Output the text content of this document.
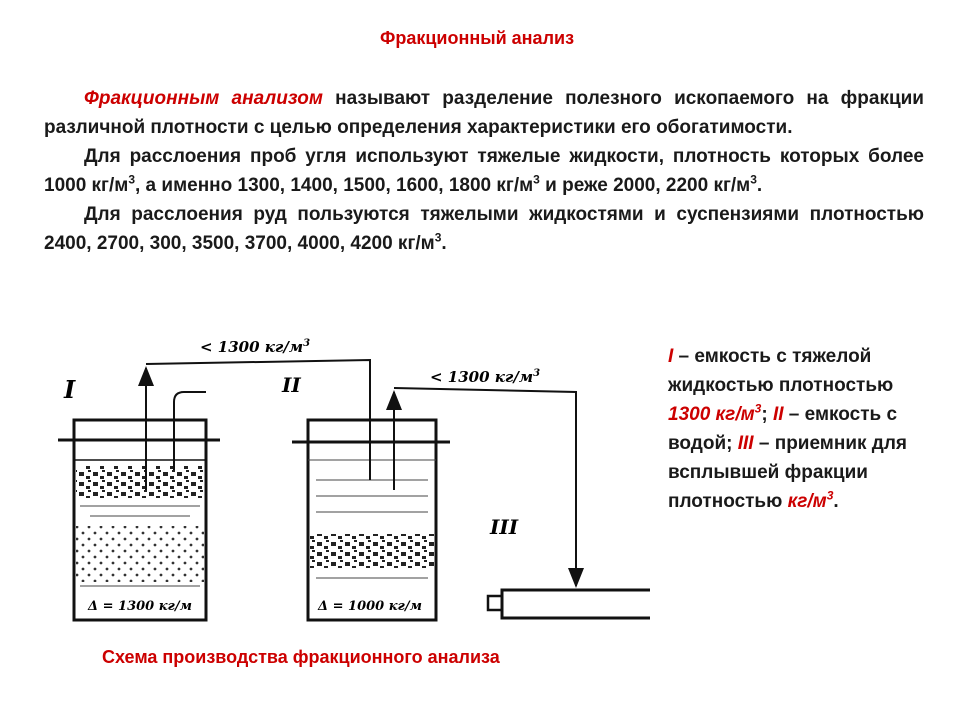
Фракционный анализ

Фракционным анализом называют разделение полезного ископаемого на фракции различной плотности с целью определения характеристики его обогатимости.

Для расслоения проб угля используют тяжелые жидкости, плотность которых более 1000 $кг/м^3$, а именно 1300, 1400, 1500, 1600, 1800 $кг/м^3$ и реже 2000, 2200 $кг/м^3$.

Для расслоения руд пользуются тяжелыми жидкостями и суспензиями плотностью 2400, 2700, 300, 3500, 3700, 4000, 4200 $кг/м^3$.

Δ = 1300 кг/м	Δ = 1000 кг/м
< 1300 $кг/м^3$
< 1300 $кг/м^3$
I	II
III
I – емкость с тяжелой жидкостью плотностью 1300 $кг/м^3$; II – емкость с водой; III – приемник для всплывшей фракции плотностью $кг/м^3$.
Схема производства фракционного анализа
